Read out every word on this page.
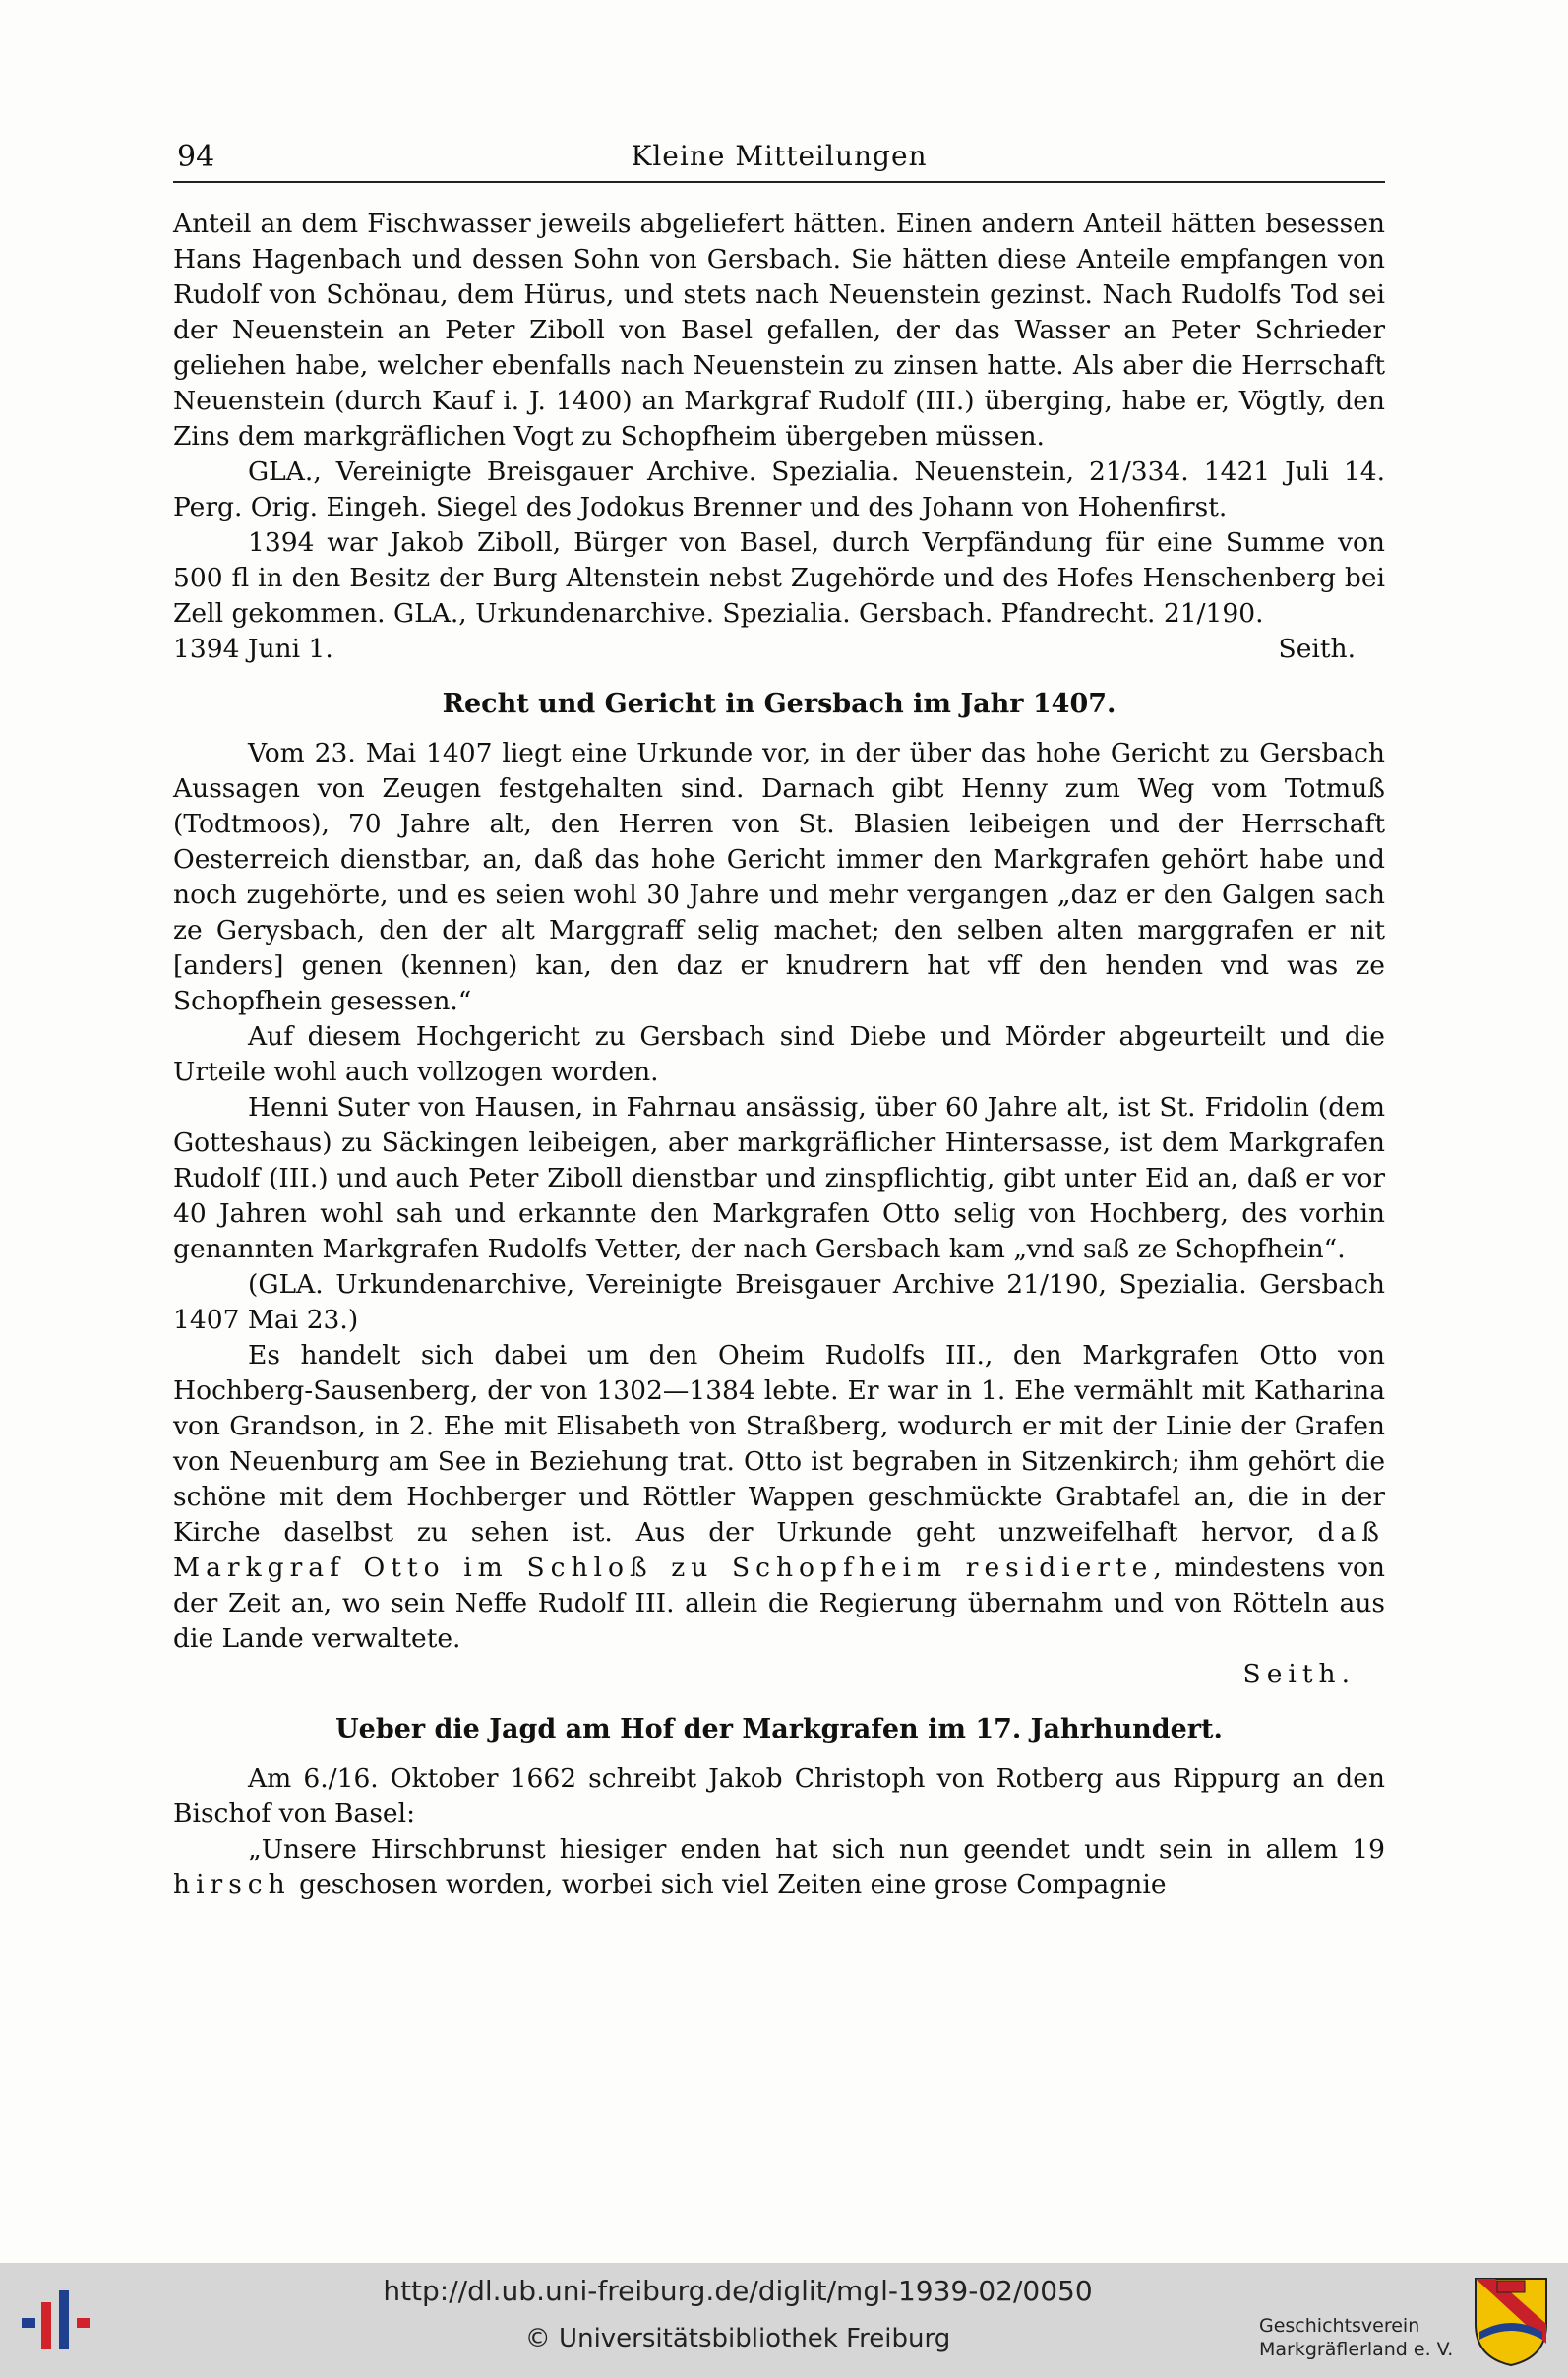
94	Kleine Mitteilungen

Anteil an dem Fischwasser jeweils abgeliefert hätten. Einen andern Anteil hätten besessen Hans Hagenbach und dessen Sohn von Gersbach. Sie hätten diese Anteile empfangen von Rudolf von Schönau, dem Hürus, und stets nach Neuenstein gezinst. Nach Rudolfs Tod sei der Neuenstein an Peter Ziboll von Basel gefallen, der das Wasser an Peter Schrieder geliehen habe, welcher ebenfalls nach Neuenstein zu zinsen hatte. Als aber die Herrschaft Neuenstein (durch Kauf i. J. 1400) an Markgraf Rudolf (III.) überging, habe er, Vögtly, den Zins dem markgräflichen Vogt zu Schopfheim übergeben müssen.

GLA., Vereinigte Breisgauer Archive. Spezialia. Neuenstein, 21/334. 1421 Juli 14. Perg. Orig. Eingeh. Siegel des Jodokus Brenner und des Johann von Hohenfirst.

1394 war Jakob Ziboll, Bürger von Basel, durch Verpfändung für eine Summe von 500 fl in den Besitz der Burg Altenstein nebst Zugehörde und des Hofes Henschenberg bei Zell gekommen. GLA., Urkundenarchive. Spezialia. Gersbach. Pfandrecht. 21/190.

1394 Juni 1.	Seith.
Recht und Gericht in Gersbach im Jahr 1407.

Vom 23. Mai 1407 liegt eine Urkunde vor, in der über das hohe Gericht zu Gersbach Aussagen von Zeugen festgehalten sind. Darnach gibt Henny zum Weg vom Totmuß (Todtmoos), 70 Jahre alt, den Herren von St. Blasien leibeigen und der Herrschaft Oesterreich dienstbar, an, daß das hohe Gericht immer den Markgrafen gehört habe und noch zugehörte, und es seien wohl 30 Jahre und mehr vergangen „daz er den Galgen sach ze Gerysbach, den der alt Marggraff selig machet; den selben alten marggrafen er nit [anders] genen (kennen) kan, den daz er knudrern hat vff den henden vnd was ze Schopfhein gesessen.“

Auf diesem Hochgericht zu Gersbach sind Diebe und Mörder abgeurteilt und die Urteile wohl auch vollzogen worden.

Henni Suter von Hausen, in Fahrnau ansässig, über 60 Jahre alt, ist St. Fridolin (dem Gotteshaus) zu Säckingen leibeigen, aber markgräflicher Hintersasse, ist dem Markgrafen Rudolf (III.) und auch Peter Ziboll dienstbar und zinspflichtig, gibt unter Eid an, daß er vor 40 Jahren wohl sah und erkannte den Markgrafen Otto selig von Hochberg, des vorhin genannten Markgrafen Rudolfs Vetter, der nach Gersbach kam „vnd saß ze Schopfhein“.

(GLA. Urkundenarchive, Vereinigte Breisgauer Archive 21/190, Spezialia. Gersbach 1407 Mai 23.)

Es handelt sich dabei um den Oheim Rudolfs III., den Markgrafen Otto von Hochberg-Sausenberg, der von 1302—1384 lebte. Er war in 1. Ehe vermählt mit Katharina von Grandson, in 2. Ehe mit Elisabeth von Straßberg, wodurch er mit der Linie der Grafen von Neuenburg am See in Beziehung trat. Otto ist begraben in Sitzenkirch; ihm gehört die schöne mit dem Hochberger und Röttler Wappen geschmückte Grabtafel an, die in der Kirche daselbst zu sehen ist. Aus der Urkunde geht unzweifelhaft hervor, daß Markgraf Otto im Schloß zu Schopfheim residierte, mindestens von der Zeit an, wo sein Neffe Rudolf III. allein die Regierung übernahm und von Rötteln aus die Lande verwaltete.

Seith.
Ueber die Jagd am Hof der Markgrafen im 17. Jahrhundert.

Am 6./16. Oktober 1662 schreibt Jakob Christoph von Rotberg aus Rippurg an den Bischof von Basel:

„Unsere Hirschbrunst hiesiger enden hat sich nun geendet undt sein in allem 19 hirsch geschosen worden, worbei sich viel Zeiten eine grose Compagnie

http://dl.ub.uni-freiburg.de/diglit/mgl-1939-02/0050
© Universitätsbibliothek Freiburg	Geschichtsverein
Markgräflerland e. V.
